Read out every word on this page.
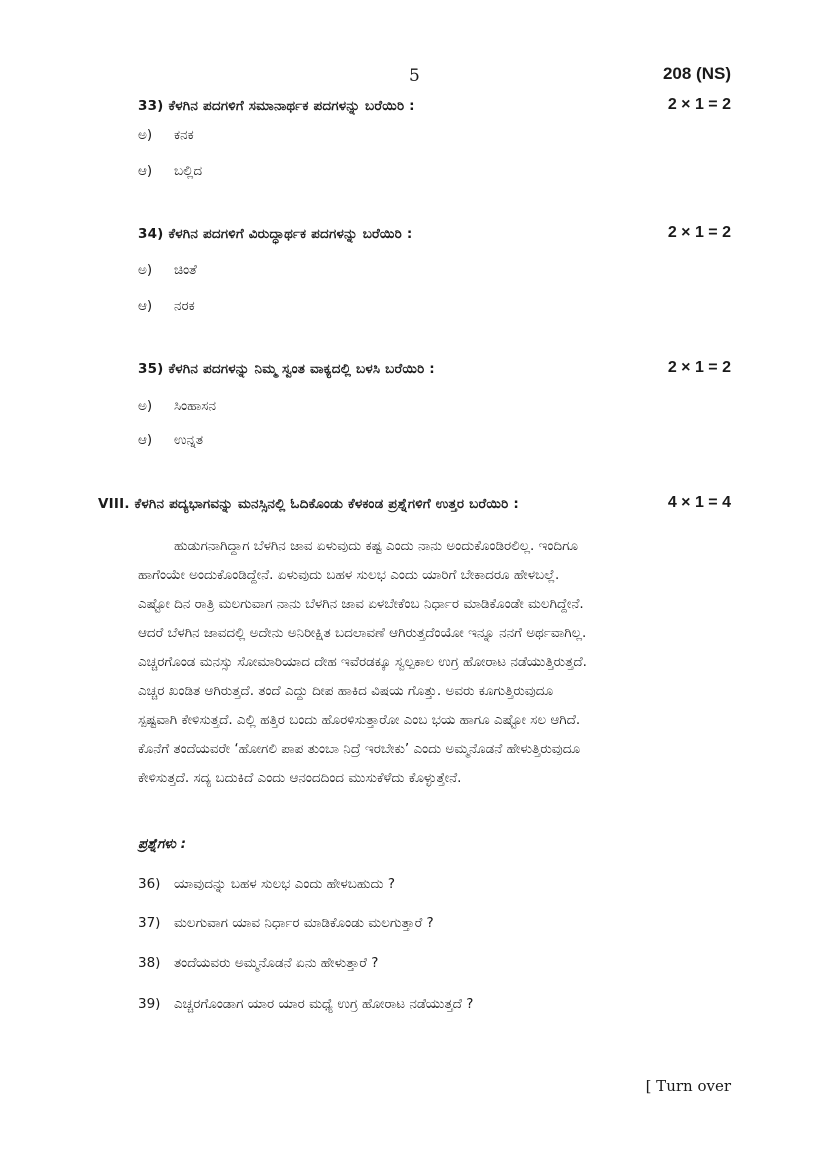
5	208 (NS)
33) ಕೆಳಗಿನ ಪದಗಳಿಗೆ ಸಮಾನಾರ್ಥಕ ಪದಗಳನ್ನು ಬರೆಯಿರಿ :	2 × 1 = 2
ಅ) ಕನಕ
ಆ) ಬಲ್ಲಿದ
34) ಕೆಳಗಿನ ಪದಗಳಿಗೆ ವಿರುದ್ಧಾರ್ಥಕ ಪದಗಳನ್ನು ಬರೆಯಿರಿ :	2 × 1 = 2
ಅ) ಚಿಂತೆ
ಆ) ನರಕ
35) ಕೆಳಗಿನ ಪದಗಳನ್ನು ನಿಮ್ಮ ಸ್ವಂತ ವಾಕ್ಯದಲ್ಲಿ ಬಳಸಿ ಬರೆಯಿರಿ :	2 × 1 = 2
ಅ) ಸಿಂಹಾಸನ
ಆ) ಉನ್ನತ
VIII. ಕೆಳಗಿನ ಪದ್ಯಭಾಗವನ್ನು ಮನಸ್ಸಿನಲ್ಲಿ ಓದಿಕೊಂಡು ಕೆಳಕಂಡ ಪ್ರಶ್ನೆಗಳಿಗೆ ಉತ್ತರ ಬರೆಯಿರಿ :	4 × 1 = 4
ಹುಡುಗನಾಗಿದ್ದಾಗ ಬೆಳಗಿನ ಜಾವ ಏಳುವುದು ಕಷ್ಟ ಎಂದು ನಾನು ಅಂದುಕೊಂಡಿರಲಿಲ್ಲ. ಇಂದಿಗೂ
ಹಾಗೆಂಯೇ ಅಂದುಕೊಂಡಿದ್ದೇನೆ. ಏಳುವುದು ಬಹಳ ಸುಲಭ ಎಂದು ಯಾರಿಗೆ ಬೇಕಾದರೂ ಹೇಳಬಲ್ಲೆ.
ಎಷ್ಟೋ ದಿನ ರಾತ್ರಿ ಮಲಗುವಾಗ ನಾನು ಬೆಳಗಿನ ಜಾವ ಏಳಬೇಕೆಂಬ ನಿರ್ಧಾರ ಮಾಡಿಕೊಂಡೇ ಮಲಗಿದ್ದೇನೆ.
ಆದರೆ ಬೆಳಗಿನ ಜಾವದಲ್ಲಿ ಅದೇನು ಅನಿರೀಕ್ಷಿತ ಬದಲಾವಣೆ ಆಗಿರುತ್ತದೆಂಯೋ ಇನ್ನೂ ನನಗೆ ಅರ್ಥವಾಗಿಲ್ಲ.
ಎಚ್ಚರಗೊಂಡ ಮನಸ್ಸು ಸೋಮಾರಿಯಾದ ದೇಹ ಇವೆರಡಕ್ಕೂ ಸ್ವಲ್ಪಕಾಲ ಉಗ್ರ ಹೋರಾಟ ನಡೆಯುತ್ತಿರುತ್ತದೆ.
ಎಚ್ಚರ ಖಂಡಿತ ಆಗಿರುತ್ತದೆ. ತಂದೆ ಎದ್ದು ದೀಪ ಹಾಕಿದ ವಿಷಯ ಗೊತ್ತು. ಅವರು ಕೂಗುತ್ತಿರುವುದೂ
ಸ್ಪಷ್ಟವಾಗಿ ಕೇಳಿಸುತ್ತದೆ. ಎಲ್ಲಿ ಹತ್ತಿರ ಬಂದು ಹೊರಳಿಸುತ್ತಾರೋ ಎಂಬ ಭಯ ಹಾಗೂ ಎಷ್ಟೋ ಸಲ ಆಗಿದೆ.
ಕೊನೆಗೆ ತಂದೆಯವರೇ ‘ಹೋಗಲಿ ಪಾಪ ತುಂಬಾ ನಿದ್ರೆ ಇರಬೇಕು’ ಎಂದು ಅಮ್ಮನೊಡನೆ ಹೇಳುತ್ತಿರುವುದೂ
ಕೇಳಿಸುತ್ತದೆ. ಸದ್ಯ ಬದುಕಿದೆ ಎಂದು ಆನಂದದಿಂದ ಮುಸುಕೆಳೆದು ಕೊಳ್ಳುತ್ತೇನೆ.
ಪ್ರಶ್ನೆಗಳು :
36) ಯಾವುದನ್ನು ಬಹಳ ಸುಲಭ ಎಂದು ಹೇಳಬಹುದು ?
37) ಮಲಗುವಾಗ ಯಾವ ನಿರ್ಧಾರ ಮಾಡಿಕೊಂಡು ಮಲಗುತ್ತಾರೆ ?
38) ತಂದೆಯವರು ಅಮ್ಮನೊಡನೆ ಏನು ಹೇಳುತ್ತಾರೆ ?
39) ಎಚ್ಚರಗೊಂಡಾಗ ಯಾರ ಯಾರ ಮಧ್ಯೆ ಉಗ್ರ ಹೋರಾಟ ನಡೆಯುತ್ತದೆ ?
[ Turn over
